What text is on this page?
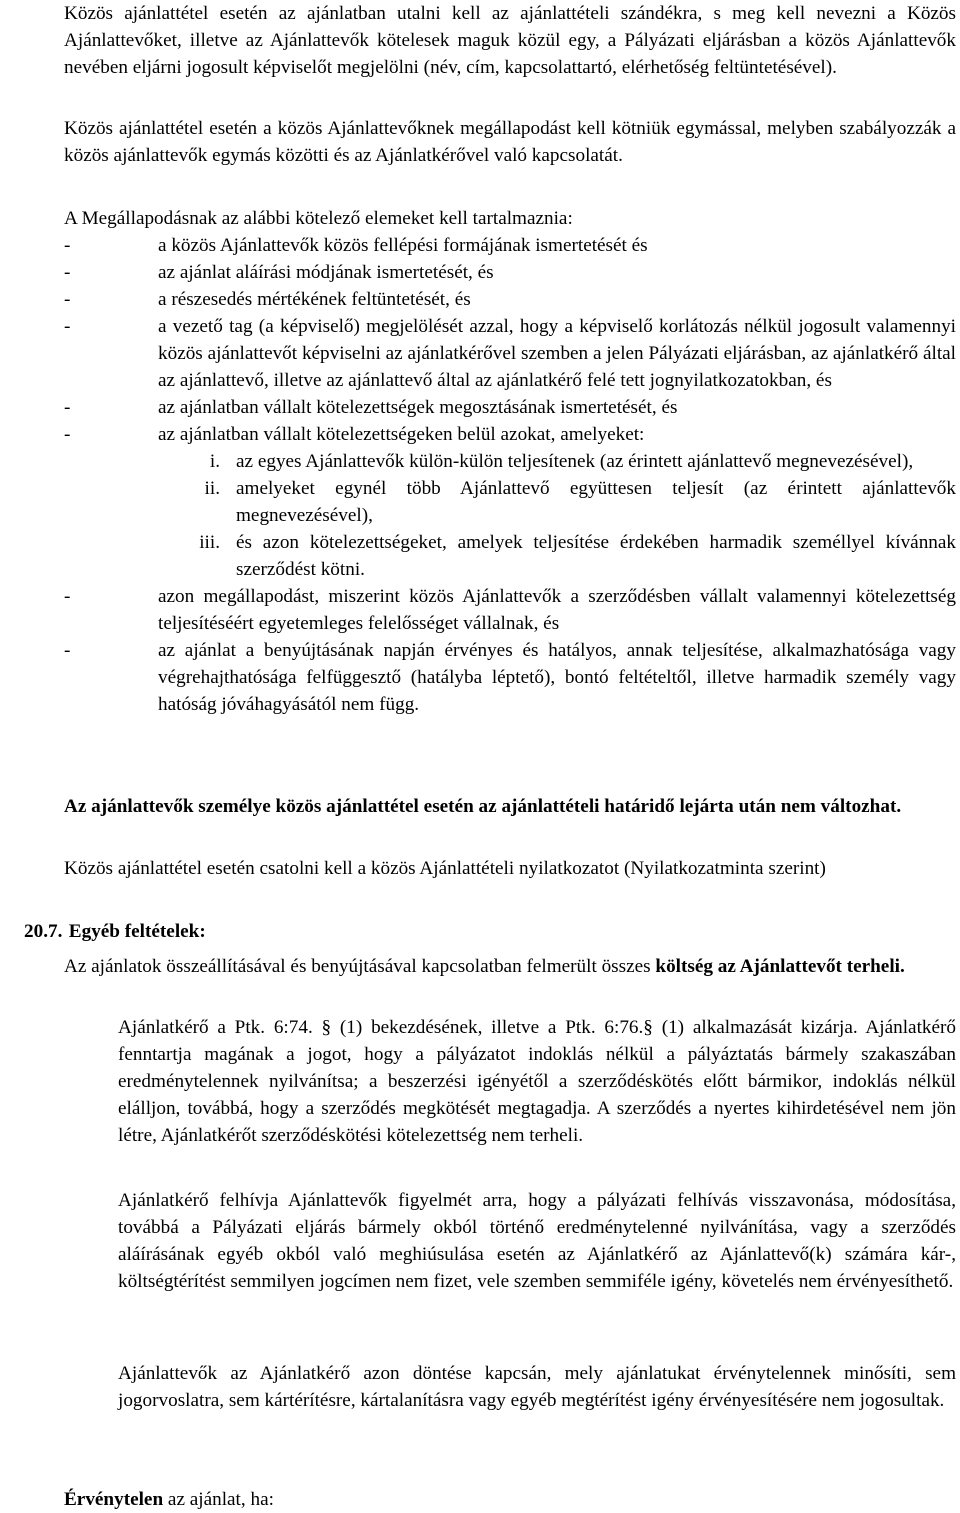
Közös ajánlattétel esetén az ajánlatban utalni kell az ajánlattételi szándékra, s meg kell nevezni a Közös Ajánlattevőket, illetve az Ajánlattevők kötelesek maguk közül egy, a Pályázati eljárásban a közös Ajánlattevők nevében eljárni jogosult képviselőt megjelölni (név, cím, kapcsolattartó, elérhetőség feltüntetésével).

Közös ajánlattétel esetén a közös Ajánlattevőknek megállapodást kell kötniük egymással, melyben szabályozzák a közös ajánlattevők egymás közötti és az Ajánlatkérővel való kapcsolatát.

A Megállapodásnak az alábbi kötelező elemeket kell tartalmaznia:

-	a közös Ajánlattevők közös fellépési formájának ismertetését és
-	az ajánlat aláírási módjának ismertetését, és
-	a részesedés mértékének feltüntetését, és
-	a vezető tag (a képviselő) megjelölését azzal, hogy a képviselő korlátozás nélkül jogosult valamennyi közös ajánlattevőt képviselni az ajánlatkérővel szemben a jelen Pályázati eljárásban, az ajánlatkérő által az ajánlattevő, illetve az ajánlattevő által az ajánlatkérő felé tett jognyilatkozatokban, és
-	az ajánlatban vállalt kötelezettségek megosztásának ismertetését, és
-	az ajánlatban vállalt kötelezettségeken belül azokat, amelyeket:
i. az egyes Ajánlattevők külön-külön teljesítenek (az érintett ajánlattevő megnevezésével),
ii. amelyeket egynél több Ajánlattevő együttesen teljesít (az érintett ajánlattevők megnevezésével),
iii. és azon kötelezettségeket, amelyek teljesítése érdekében harmadik személlyel kívánnak szerződést kötni.
-	azon megállapodást, miszerint közös Ajánlattevők a szerződésben vállalt valamennyi kötelezettség teljesítéséért egyetemleges felelősséget vállalnak, és
-	az ajánlat a benyújtásának napján érvényes és hatályos, annak teljesítése, alkalmazhatósága vagy végrehajthatósága felfüggesztő (hatályba léptető), bontó feltételtől, illetve harmadik személy vagy hatóság jóváhagyásától nem függ.

Az ajánlattevők személye közös ajánlattétel esetén az ajánlattételi határidő lejárta után nem változhat.

Közös ajánlattétel esetén csatolni kell a közös Ajánlattételi nyilatkozatot (Nyilatkozatminta szerint)

20.7. Egyéb feltételek:

Az ajánlatok összeállításával és benyújtásával kapcsolatban felmerült összes költség az Ajánlattevőt terheli.

Ajánlatkérő a Ptk. 6:74. § (1) bekezdésének, illetve a Ptk. 6:76.§ (1) alkalmazását kizárja. Ajánlatkérő fenntartja magának a jogot, hogy a pályázatot indoklás nélkül a pályáztatás bármely szakaszában eredménytelennek nyilvánítsa; a beszerzési igényétől a szerződéskötés előtt bármikor, indoklás nélkül elálljon, továbbá, hogy a szerződés megkötését megtagadja. A szerződés a nyertes kihirdetésével nem jön létre, Ajánlatkérőt szerződéskötési kötelezettség nem terheli.

Ajánlatkérő felhívja Ajánlattevők figyelmét arra, hogy a pályázati felhívás visszavonása, módosítása, továbbá a Pályázati eljárás bármely okból történő eredménytelenné nyilvánítása, vagy a szerződés aláírásának egyéb okból való meghiúsulása esetén az Ajánlatkérő az Ajánlattevő(k) számára kár-, költségtérítést semmilyen jogcímen nem fizet, vele szemben semmiféle igény, követelés nem érvényesíthető.

Ajánlattevők az Ajánlatkérő azon döntése kapcsán, mely ajánlatukat érvénytelennek minősíti, sem jogorvoslatra, sem kártérítésre, kártalanításra vagy egyéb megtérítést igény érvényesítésére nem jogosultak.

Érvénytelen az ajánlat, ha:
